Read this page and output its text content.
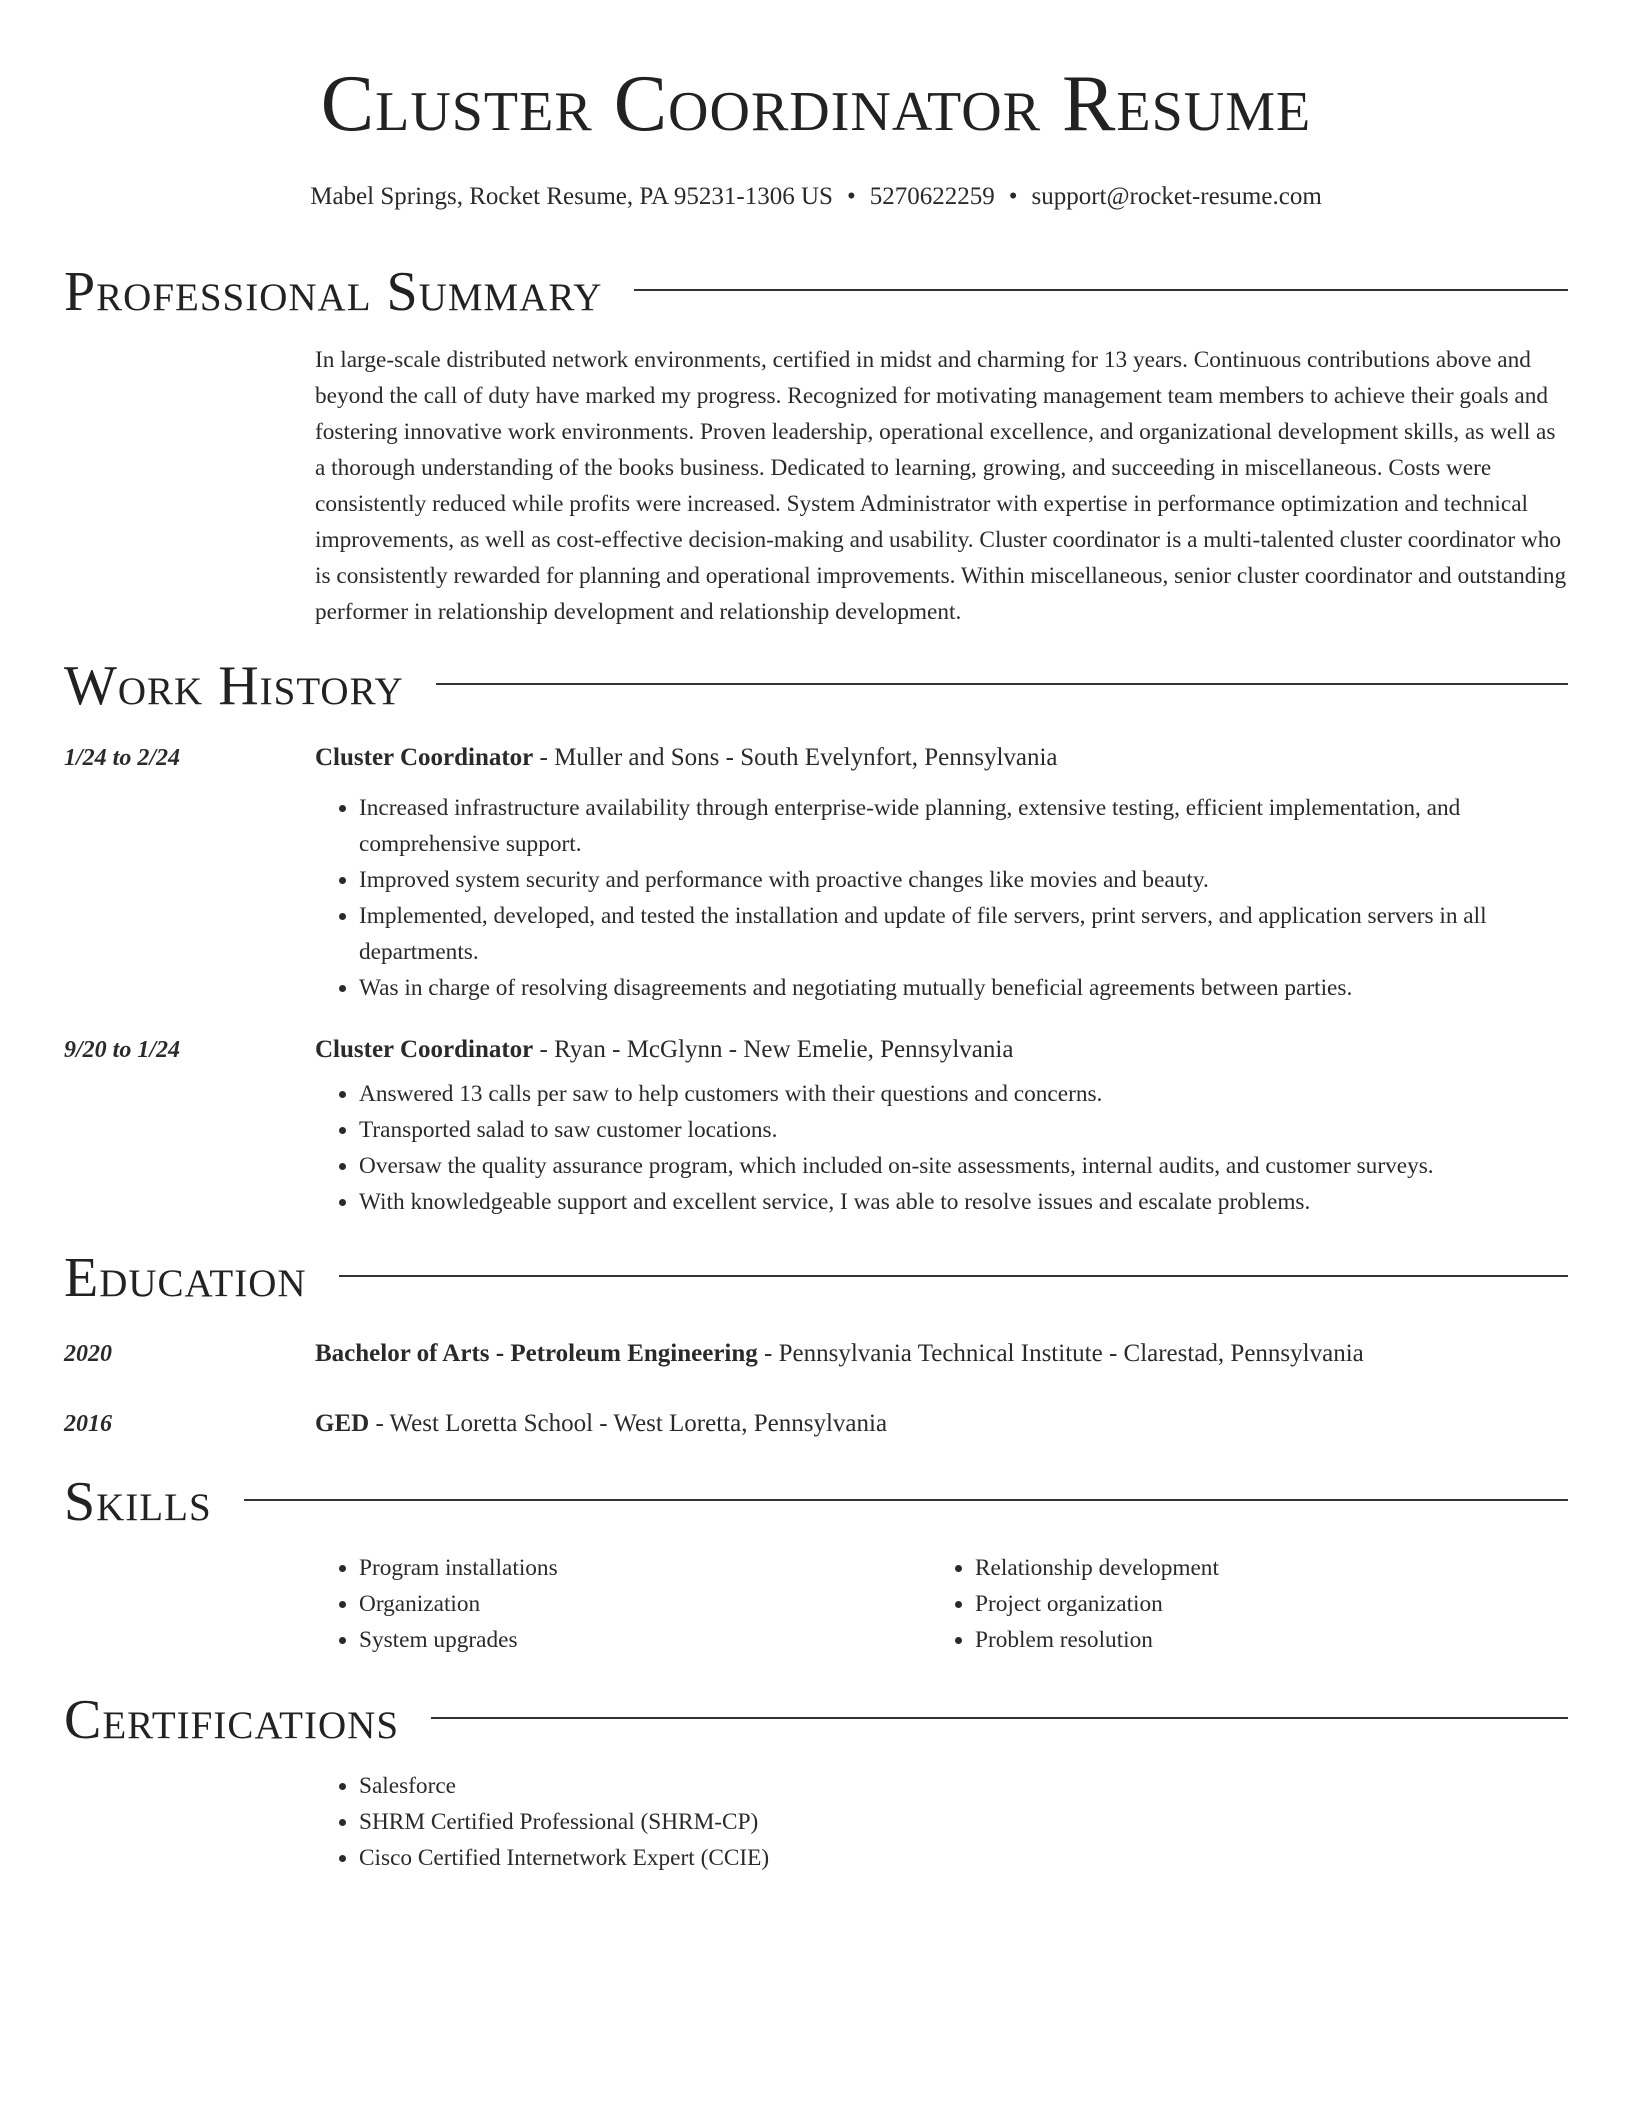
Cluster Coordinator Resume
Mabel Springs, Rocket Resume, PA 95231-1306 US • 5270622259 • support@rocket-resume.com
Professional Summary
In large-scale distributed network environments, certified in midst and charming for 13 years. Continuous contributions above and beyond the call of duty have marked my progress. Recognized for motivating management team members to achieve their goals and fostering innovative work environments. Proven leadership, operational excellence, and organizational development skills, as well as a thorough understanding of the books business. Dedicated to learning, growing, and succeeding in miscellaneous. Costs were consistently reduced while profits were increased. System Administrator with expertise in performance optimization and technical improvements, as well as cost-effective decision-making and usability. Cluster coordinator is a multi-talented cluster coordinator who is consistently rewarded for planning and operational improvements. Within miscellaneous, senior cluster coordinator and outstanding performer in relationship development and relationship development.
Work History
1/24 to 2/24	Cluster Coordinator - Muller and Sons - South Evelynfort, Pennsylvania
• Increased infrastructure availability through enterprise-wide planning, extensive testing, efficient implementation, and comprehensive support.
• Improved system security and performance with proactive changes like movies and beauty.
• Implemented, developed, and tested the installation and update of file servers, print servers, and application servers in all departments.
• Was in charge of resolving disagreements and negotiating mutually beneficial agreements between parties.
9/20 to 1/24	Cluster Coordinator - Ryan - McGlynn - New Emelie, Pennsylvania
• Answered 13 calls per saw to help customers with their questions and concerns.
• Transported salad to saw customer locations.
• Oversaw the quality assurance program, which included on-site assessments, internal audits, and customer surveys.
• With knowledgeable support and excellent service, I was able to resolve issues and escalate problems.
Education
2020	Bachelor of Arts - Petroleum Engineering - Pennsylvania Technical Institute - Clarestad, Pennsylvania
2016	GED - West Loretta School - West Loretta, Pennsylvania
Skills
• Program installations
• Organization
• System upgrades
• Relationship development
• Project organization
• Problem resolution
Certifications
• Salesforce
• SHRM Certified Professional (SHRM-CP)
• Cisco Certified Internetwork Expert (CCIE)
